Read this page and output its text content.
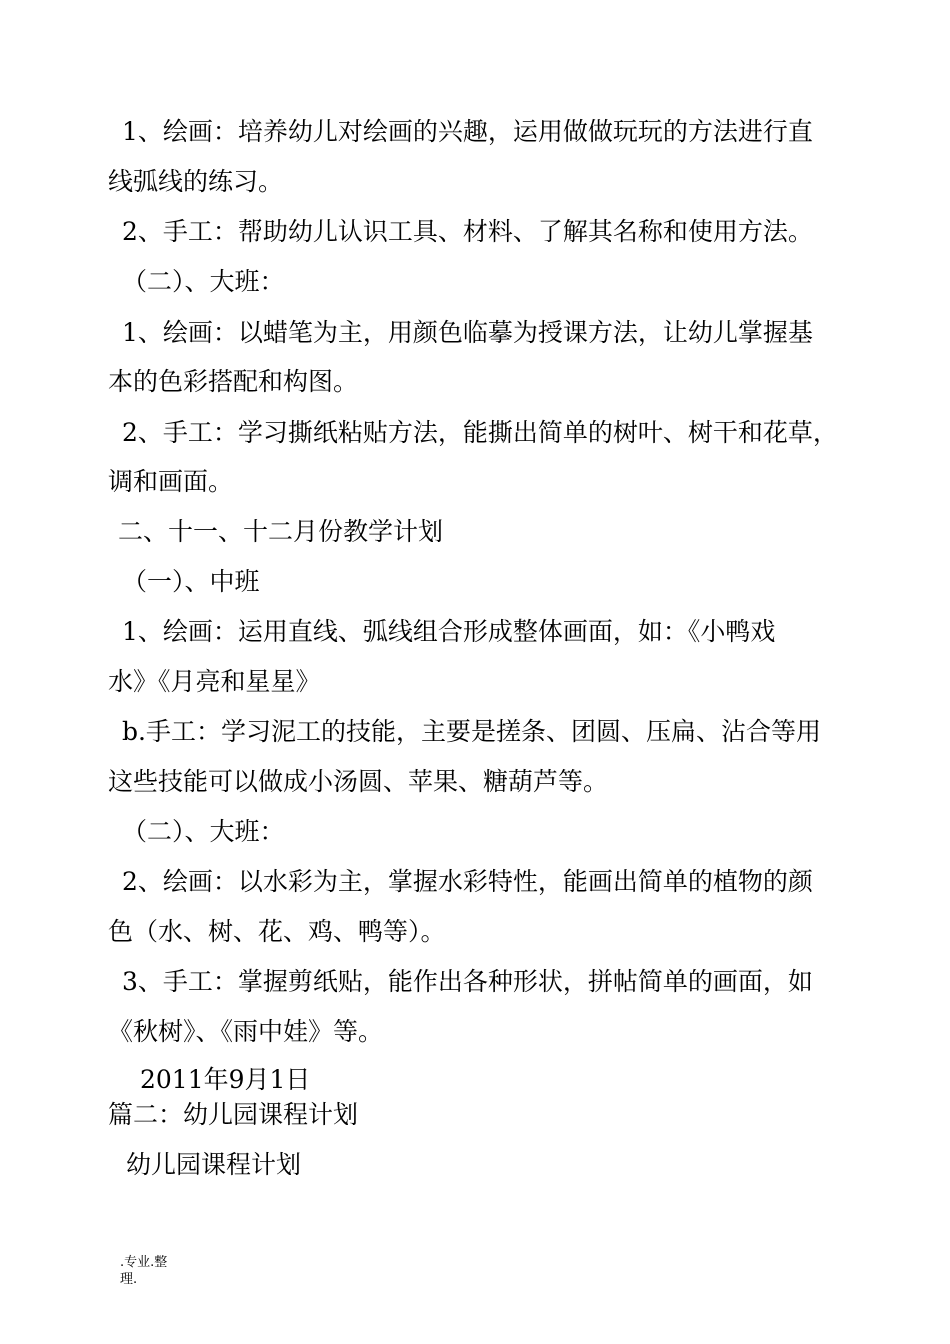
1、绘画：培养幼儿对绘画的兴趣，运用做做玩玩的方法进行直
线弧线的练习。
2、手工：帮助幼儿认识工具、材料、了解其名称和使用方法。
（二）、大班：
1、绘画：以蜡笔为主，用颜色临摹为授课方法，让幼儿掌握基
本的色彩搭配和构图。
2、手工：学习撕纸粘贴方法，能撕出简单的树叶、树干和花草，
调和画面。
二、十一、十二月份教学计划
（一）、中班
1、绘画：运用直线、弧线组合形成整体画面，如：《小鸭戏
水》《月亮和星星》
b.手工：学习泥工的技能，主要是搓条、团圆、压扁、沾合等用
这些技能可以做成小汤圆、苹果、糖葫芦等。
（二）、大班：
2、绘画：以水彩为主，掌握水彩特性，能画出简单的植物的颜
色（水、树、花、鸡、鸭等）。
3、手工：掌握剪纸贴，能作出各种形状，拼帖简单的画面，如
《秋树》、《雨中娃》等。
2011年9月1日
篇二：幼儿园课程计划
幼儿园课程计划
.专业.整
理.
